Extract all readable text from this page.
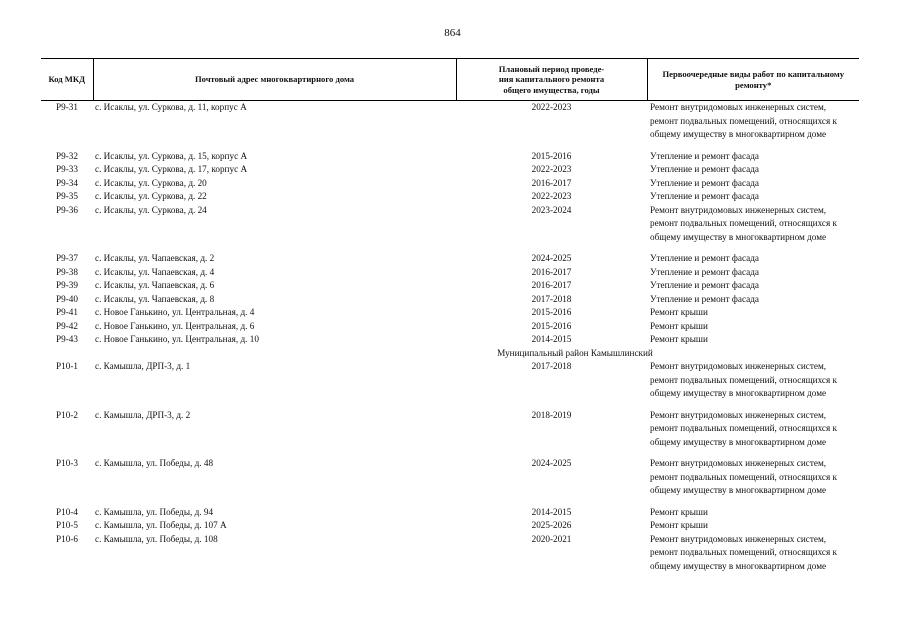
864
Код МКД	Почтовый адрес многоквартирного дома	Плановый период проведе-
ния капитального ремонта
общего имущества, годы	Первоочередные виды работ по капитальному
ремонту*

Р9-31	с. Исаклы, ул. Суркова, д. 11, корпус А	2022-2023	Ремонт внутридомовых инженерных систем,
ремонт подвальных помещений, относящихся к
общему имуществу в многоквартирном доме

Р9-32	с. Исаклы, ул. Суркова, д. 15, корпус А	2015-2016	Утепление и ремонт фасада

Р9-33	с. Исаклы, ул. Суркова, д. 17, корпус А	2022-2023	Утепление и ремонт фасада

Р9-34	с. Исаклы, ул. Суркова, д. 20	2016-2017	Утепление и ремонт фасада

Р9-35	с. Исаклы, ул. Суркова, д. 22	2022-2023	Утепление и ремонт фасада

Р9-36	с. Исаклы, ул. Суркова, д. 24	2023-2024	Ремонт внутридомовых инженерных систем,
ремонт подвальных помещений, относящихся к
общему имуществу в многоквартирном доме

Р9-37	с. Исаклы, ул. Чапаевская, д. 2	2024-2025	Утепление и ремонт фасада

Р9-38	с. Исаклы, ул. Чапаевская, д. 4	2016-2017	Утепление и ремонт фасада

Р9-39	с. Исаклы, ул. Чапаевская, д. 6	2016-2017	Утепление и ремонт фасада

Р9-40	с. Исаклы, ул. Чапаевская, д. 8	2017-2018	Утепление и ремонт фасада

Р9-41	с. Новое Ганькино, ул. Центральная, д. 4	2015-2016	Ремонт крыши

Р9-42	с. Новое Ганькино, ул. Центральная, д. 6	2015-2016	Ремонт крыши

Р9-43	с. Новое Ганькино, ул. Центральная, д. 10	2014-2015	Ремонт крыши

Муниципальный район Камышлинский			
Р10-1	с. Камышла, ДРП-3, д. 1	2017-2018	Ремонт внутридомовых инженерных систем,
ремонт подвальных помещений, относящихся к
общему имуществу в многоквартирном доме

Р10-2	с. Камышла, ДРП-3, д. 2	2018-2019	Ремонт внутридомовых инженерных систем,
ремонт подвальных помещений, относящихся к
общему имуществу в многоквартирном доме

Р10-3	с. Камышла, ул. Победы, д. 48	2024-2025	Ремонт внутридомовых инженерных систем,
ремонт подвальных помещений, относящихся к
общему имуществу в многоквартирном доме

Р10-4	с. Камышла, ул. Победы, д. 94	2014-2015	Ремонт крыши

Р10-5	с. Камышла, ул. Победы, д. 107 А	2025-2026	Ремонт крыши

Р10-6	с. Камышла, ул. Победы, д. 108	2020-2021	Ремонт внутридомовых инженерных систем,
ремонт подвальных помещений, относящихся к
общему имуществу в многоквартирном доме
